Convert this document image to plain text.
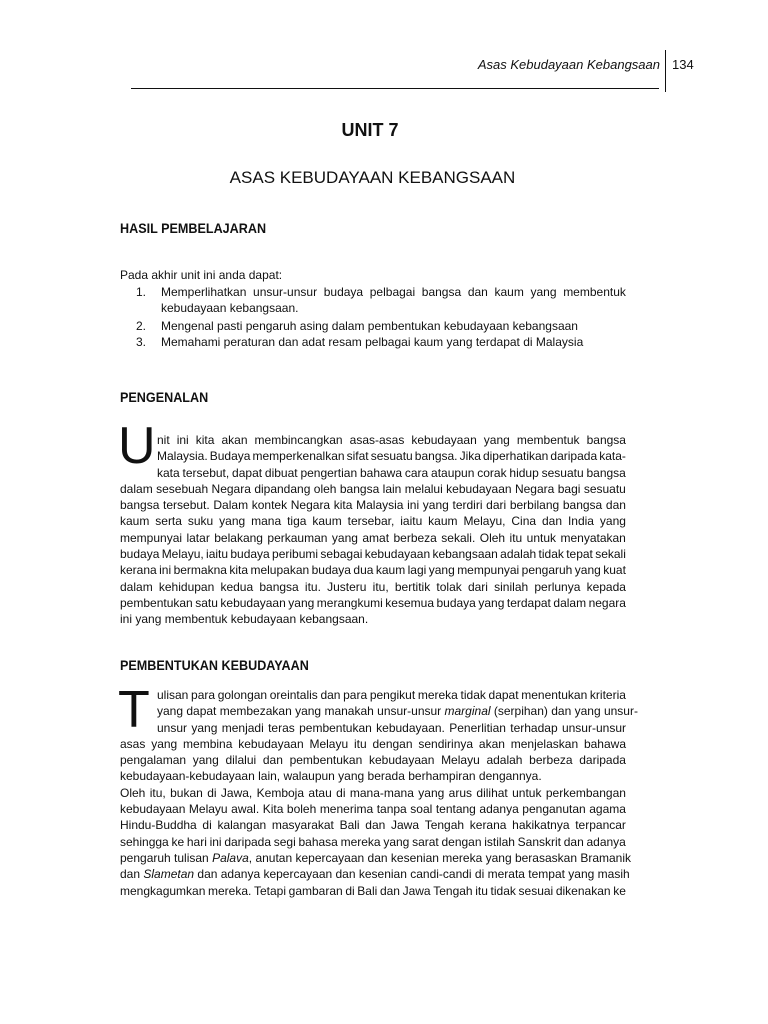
Asas Kebudayaan Kebangsaan 134
UNIT 7
ASAS KEBUDAYAAN KEBANGSAAN
HASIL PEMBELAJARAN
Pada akhir unit ini anda dapat:
1. Memperlihatkan unsur-unsur budaya pelbagai bangsa dan kaum yang membentuk
kebudayaan kebangsaan.
2. Mengenal pasti pengaruh asing dalam pembentukan kebudayaan kebangsaan
3. Memahami peraturan dan adat resam pelbagai kaum yang terdapat di Malaysia
PENGENALAN
U nit ini kita akan membincangkan asas-asas kebudayaan yang membentuk bangsa
Malaysia. Budaya memperkenalkan sifat sesuatu bangsa. Jika diperhatikan daripada kata-
kata tersebut, dapat dibuat pengertian bahawa cara ataupun corak hidup sesuatu bangsa
dalam sesebuah Negara dipandang oleh bangsa lain melalui kebudayaan Negara bagi sesuatu
bangsa tersebut. Dalam kontek Negara kita Malaysia ini yang terdiri dari berbilang bangsa dan
kaum serta suku yang mana tiga kaum tersebar, iaitu kaum Melayu, Cina dan India yang
mempunyai latar belakang perkauman yang amat berbeza sekali. Oleh itu untuk menyatakan
budaya Melayu, iaitu budaya peribumi sebagai kebudayaan kebangsaan adalah tidak tepat sekali
kerana ini bermakna kita melupakan budaya dua kaum lagi yang mempunyai pengaruh yang kuat
dalam kehidupan kedua bangsa itu. Justeru itu, bertitik tolak dari sinilah perlunya kepada
pembentukan satu kebudayaan yang merangkumi kesemua budaya yang terdapat dalam negara
ini yang membentuk kebudayaan kebangsaan.
PEMBENTUKAN KEBUDAYAAN
T ulisan para golongan oreintalis dan para pengikut mereka tidak dapat menentukan kriteria
yang dapat membezakan yang manakah unsur-unsur marginal (serpihan) dan yang unsur-
unsur yang menjadi teras pembentukan kebudayaan. Penerlitian terhadap unsur-unsur
asas yang membina kebudayaan Melayu itu dengan sendirinya akan menjelaskan bahawa
pengalaman yang dilalui dan pembentukan kebudayaan Melayu adalah berbeza daripada
kebudayaan-kebudayaan lain, walaupun yang berada berhampiran dengannya.
Oleh itu, bukan di Jawa, Kemboja atau di mana-mana yang arus dilihat untuk perkembangan
kebudayaan Melayu awal. Kita boleh menerima tanpa soal tentang adanya penganutan agama
Hindu-Buddha di kalangan masyarakat Bali dan Jawa Tengah kerana hakikatnya terpancar
sehingga ke hari ini daripada segi bahasa mereka yang sarat dengan istilah Sanskrit dan adanya
pengaruh tulisan Palava, anutan kepercayaan dan kesenian mereka yang berasaskan Bramanik
dan Slametan dan adanya kepercayaan dan kesenian candi-candi di merata tempat yang masih
mengkagumkan mereka. Tetapi gambaran di Bali dan Jawa Tengah itu tidak sesuai dikenakan ke
